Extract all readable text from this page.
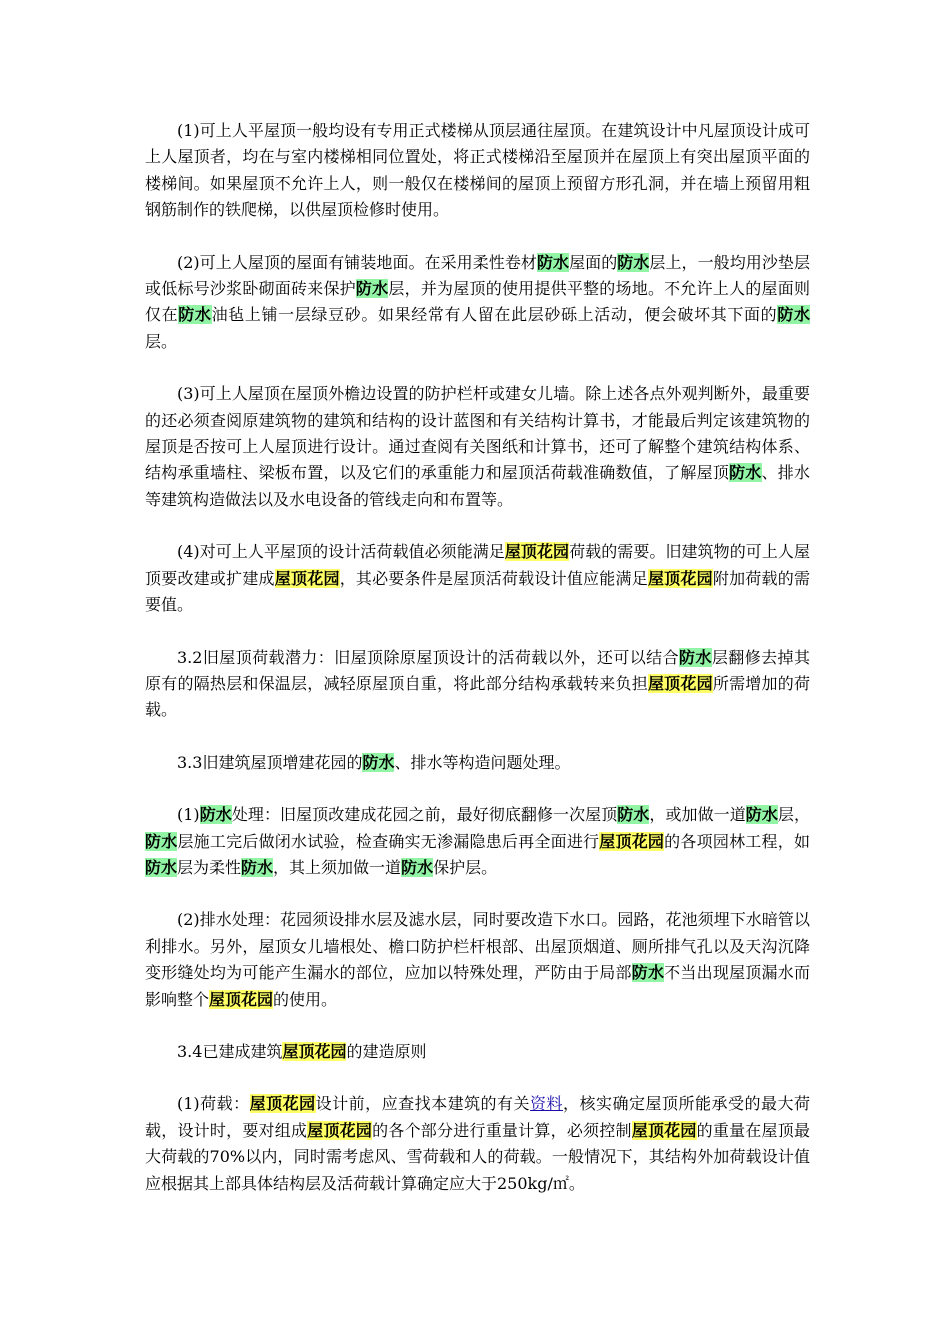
(1)可上人平屋顶一般均设有专用正式楼梯从顶层通往屋顶。在建筑设计中凡屋顶设计成可上人屋顶者，均在与室内楼梯相同位置处，将正式楼梯沿至屋顶并在屋顶上有突出屋顶平面的楼梯间。如果屋顶不允许上人，则一般仅在楼梯间的屋顶上预留方形孔洞，并在墙上预留用粗钢筋制作的铁爬梯，以供屋顶检修时使用。

(2)可上人屋顶的屋面有铺装地面。在采用柔性卷材防水屋面的防水层上，一般均用沙垫层或低标号沙浆卧砌面砖来保护防水层，并为屋顶的使用提供平整的场地。不允许上人的屋面则仅在防水油毡上铺一层绿豆砂。如果经常有人留在此层砂砾上活动，便会破坏其下面的防水层。

(3)可上人屋顶在屋顶外檐边设置的防护栏杆或建女儿墙。除上述各点外观判断外，最重要的还必须查阅原建筑物的建筑和结构的设计蓝图和有关结构计算书，才能最后判定该建筑物的屋顶是否按可上人屋顶进行设计。通过查阅有关图纸和计算书，还可了解整个建筑结构体系、结构承重墙柱、梁板布置，以及它们的承重能力和屋顶活荷载准确数值，了解屋顶防水、排水等建筑构造做法以及水电设备的管线走向和布置等。

(4)对可上人平屋顶的设计活荷载值必须能满足屋顶花园荷载的需要。旧建筑物的可上人屋顶要改建或扩建成屋顶花园，其必要条件是屋顶活荷载设计值应能满足屋顶花园附加荷载的需要值。

3.2旧屋顶荷载潜力：旧屋顶除原屋顶设计的活荷载以外，还可以结合防水层翻修去掉其原有的隔热层和保温层，减轻原屋顶自重，将此部分结构承载转来负担屋顶花园所需增加的荷载。

3.3旧建筑屋顶增建花园的防水、排水等构造问题处理。

(1)防水处理：旧屋顶改建成花园之前，最好彻底翻修一次屋顶防水，或加做一道防水层，防水层施工完后做闭水试验，检查确实无渗漏隐患后再全面进行屋顶花园的各项园林工程，如防水层为柔性防水，其上须加做一道防水保护层。

(2)排水处理：花园须设排水层及滤水层，同时要改造下水口。园路，花池须埋下水暗管以利排水。另外，屋顶女儿墙根处、檐口防护栏杆根部、出屋顶烟道、厕所排气孔以及天沟沉降变形缝处均为可能产生漏水的部位，应加以特殊处理，严防由于局部防水不当出现屋顶漏水而影响整个屋顶花园的使用。

3.4已建成建筑屋顶花园的建造原则

(1)荷载：屋顶花园设计前，应查找本建筑的有关资料，核实确定屋顶所能承受的最大荷载，设计时，要对组成屋顶花园的各个部分进行重量计算，必须控制屋顶花园的重量在屋顶最大荷载的70%以内，同时需考虑风、雪荷载和人的荷载。一般情况下，其结构外加荷载设计值应根据其上部具体结构层及活荷载计算确定应大于250kg/㎡。
